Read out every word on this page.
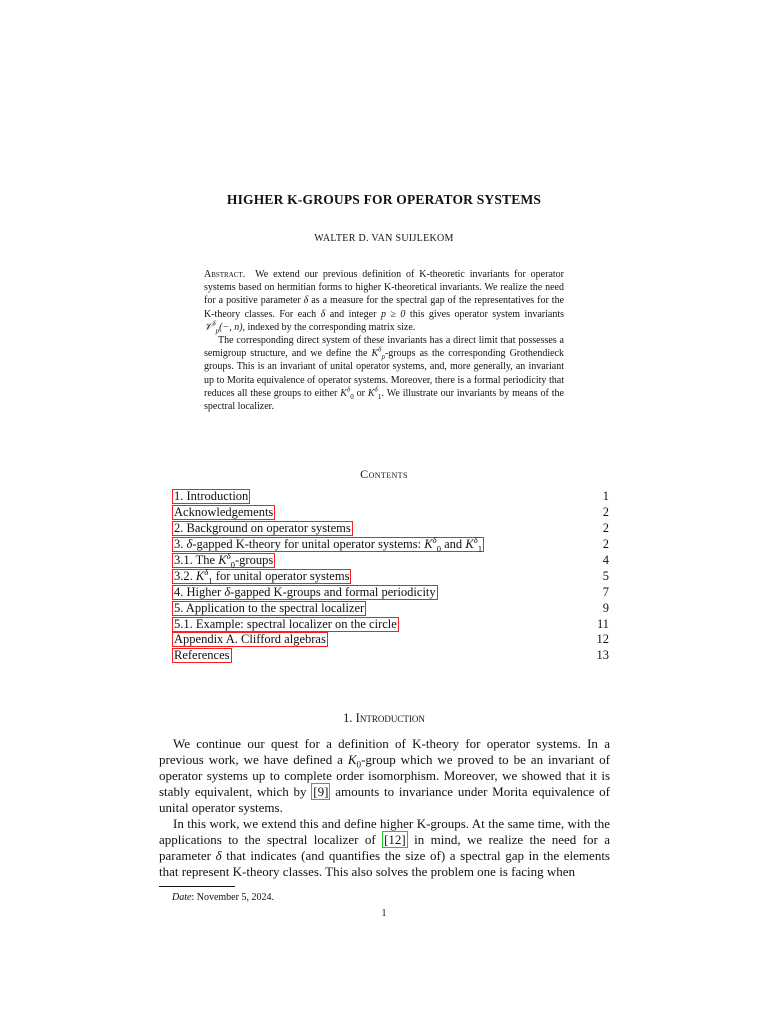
HIGHER K-GROUPS FOR OPERATOR SYSTEMS
WALTER D. VAN SUIJLEKOM

Abstract. We extend our previous definition of K-theoretic invariants for operator systems based on hermitian forms to higher K-theoretical invariants. We realize the need for a positive parameter δ as a measure for the spectral gap of the representatives for the K-theory classes. For each δ and integer p ≥ 0 this gives operator system invariants 𝒱$^\delta_p$(−, n), indexed by the corresponding matrix size.

The corresponding direct system of these invariants has a direct limit that possesses a semigroup structure, and we define the $K^\delta_p$-groups as the corresponding Grothendieck groups. This is an invariant of unital operator systems, and, more generally, an invariant up to Morita equivalence of operator systems. Moreover, there is a formal periodicity that reduces all these groups to either $K^\delta_0$ or $K^\delta_1$. We illustrate our invariants by means of the spectral localizer.

Contents
1. Introduction	1
Acknowledgements	2
2. Background on operator systems	2
3. δ-gapped K-theory for unital operator systems: $K^\delta_0$ and $K^\delta_1$	2
3.1. The $K^\delta_0$-groups	4
3.2. $K^\delta_1$ for unital operator systems	5
4. Higher δ-gapped K-groups and formal periodicity	7
5. Application to the spectral localizer	9
5.1. Example: spectral localizer on the circle	11
Appendix A. Clifford algebras	12
References	13
1. Introduction

We continue our quest for a definition of K-theory for operator systems. In a previous work, we have defined a $K_0$-group which we proved to be an invariant of operator systems up to complete order isomorphism. Moreover, we showed that it is stably equivalent, which by [9] amounts to invariance under Morita equivalence of unital operator systems.

In this work, we extend this and define higher K-groups. At the same time, with the applications to the spectral localizer of [12] in mind, we realize the need for a parameter δ that indicates (and quantifies the size of) a spectral gap in the elements that represent K-theory classes. This also solves the problem one is facing when

Date: November 5, 2024.
1
